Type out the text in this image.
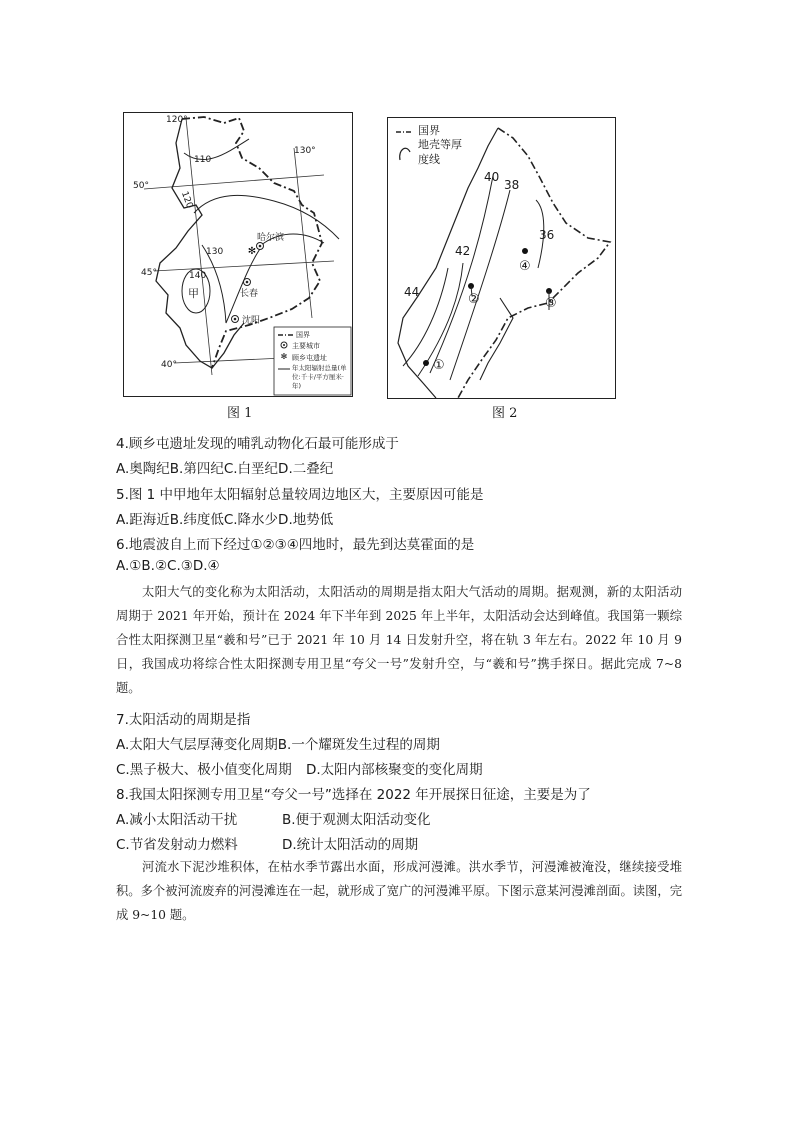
✻
✻
120°
130°
50°
45°
40°
110
120
130
140
甲
哈尔滨
长春
沈阳
国界
主要城市
顾乡屯遗址
年太阳辐射总量(单位:千卡/平方厘米·年)
图 1
国界
地壳等厚度线
40
38
42
36
44
①
②	③
④
图 2
4.顾乡屯遗址发现的哺乳动物化石最可能形成于
A.奥陶纪B.第四纪C.白垩纪D.二叠纪
5.图 1 中甲地年太阳辐射总量较周边地区大，主要原因可能是
A.距海近B.纬度低C.降水少D.地势低
6.地震波自上而下经过①②③④四地时，最先到达莫霍面的是
A.①B.②C.③D.④
太阳大气的变化称为太阳活动，太阳活动的周期是指太阳大气活动的周期。据观测，新的太阳活动周期于 2021 年开始，预计在 2024 年下半年到 2025 年上半年，太阳活动会达到峰值。我国第一颗综合性太阳探测卫星“羲和号”已于 2021 年 10 月 14 日发射升空，将在轨 3 年左右。2022 年 10 月 9 日，我国成功将综合性太阳探测专用卫星“夸父一号”发射升空，与“羲和号”携手探日。据此完成 7~8 题。
7.太阳活动的周期是指
A.太阳大气层厚薄变化周期B.一个耀斑发生过程的周期
C.黑子极大、极小值变化周期 D.太阳内部核聚变的变化周期
8.我国太阳探测专用卫星“夸父一号”选择在 2022 年开展探日征途，主要是为了
A.减小太阳活动干扰	B.便于观测太阳活动变化
C.节省发射动力燃料	D.统计太阳活动的周期
河流水下泥沙堆积体，在枯水季节露出水面，形成河漫滩。洪水季节，河漫滩被淹没，继续接受堆积。多个被河流废弃的河漫滩连在一起，就形成了宽广的河漫滩平原。下图示意某河漫滩剖面。读图，完成 9~10 题。
